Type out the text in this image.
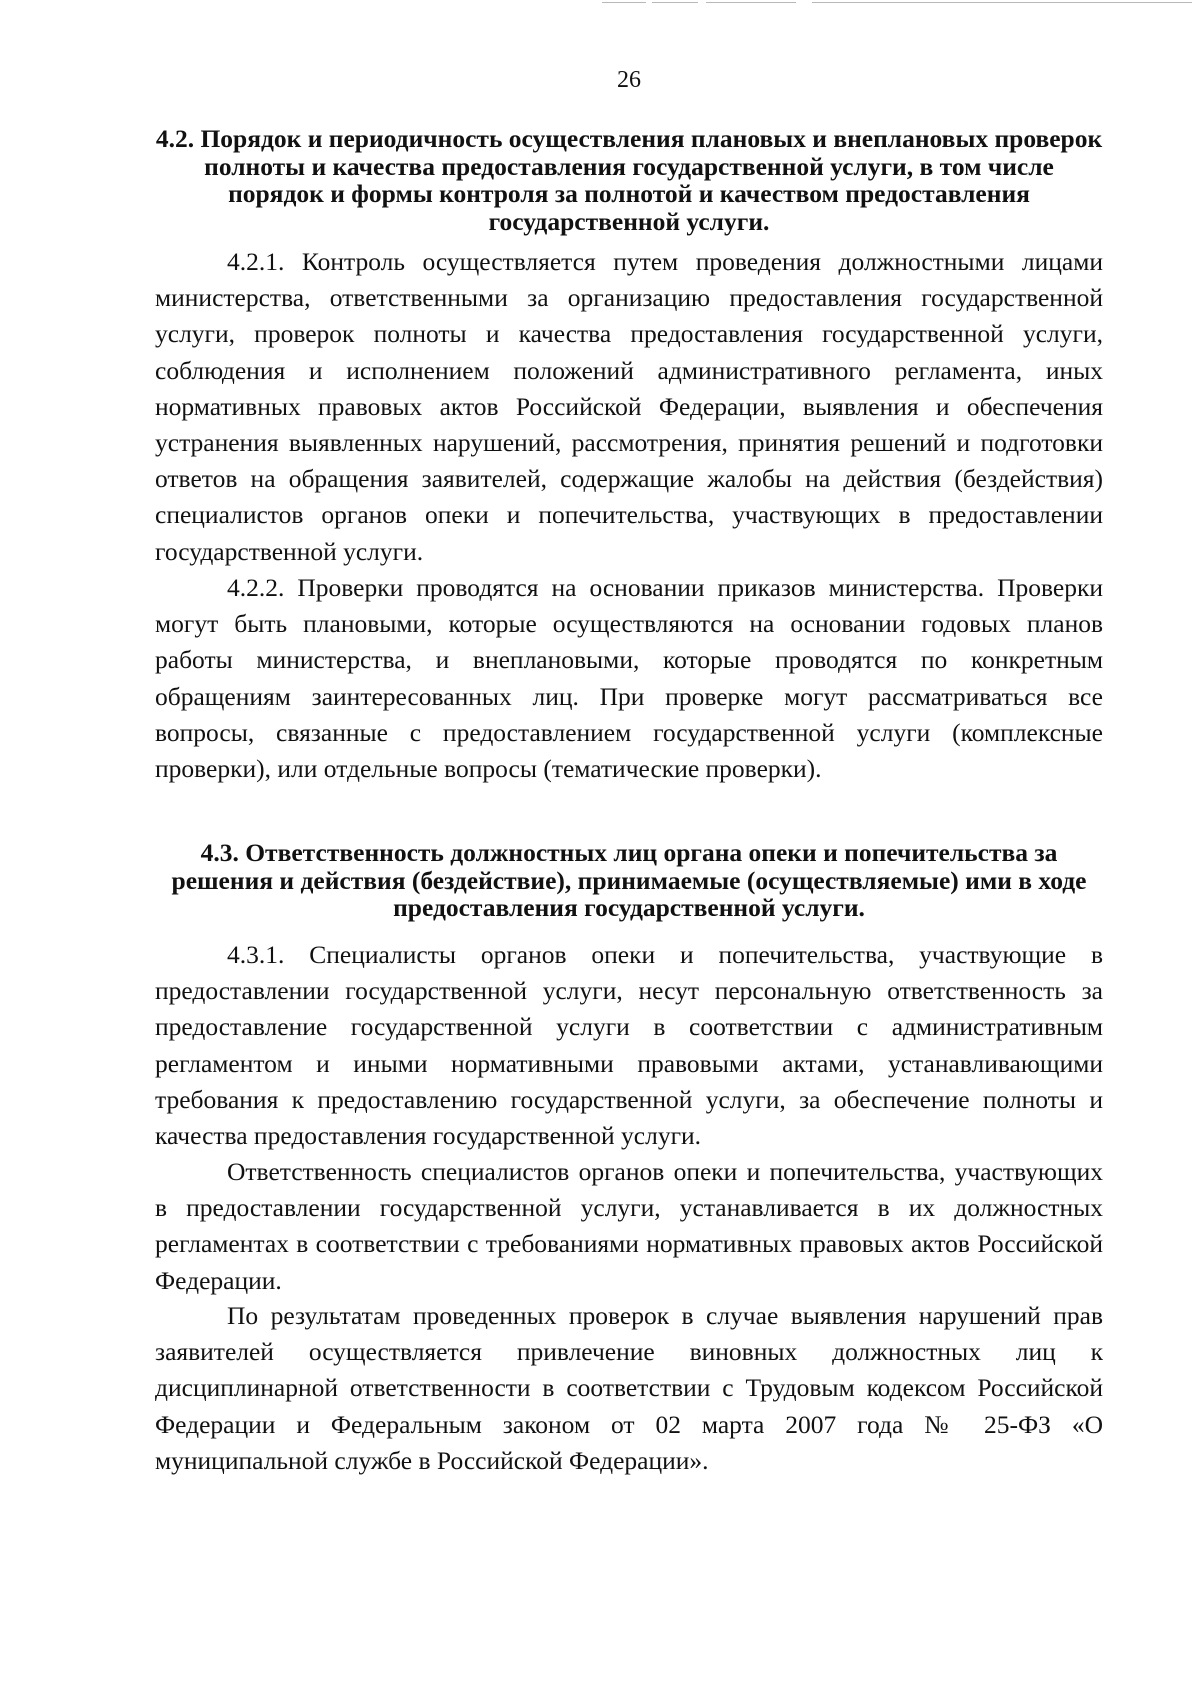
26
4.2. Порядок и периодичность осуществления плановых и внеплановых проверок полноты и качества предоставления государственной услуги, в том числе порядок и формы контроля за полнотой и качеством предоставления государственной услуги.

4.2.1. Контроль осуществляется путем проведения должностными лицами министерства, ответственными за организацию предоставления государственной услуги, проверок полноты и качества предоставления государственной услуги, соблюдения и исполнением положений административного регламента, иных нормативных правовых актов Российской Федерации, выявления и обеспечения устранения выявленных нарушений, рассмотрения, принятия решений и подготовки ответов на обращения заявителей, содержащие жалобы на действия (бездействия) специалистов органов опеки и попечительства, участвующих в предоставлении государственной услуги.

4.2.2. Проверки проводятся на основании приказов министерства. Проверки могут быть плановыми, которые осуществляются на основании годовых планов работы министерства, и внеплановыми, которые проводятся по конкретным обращениям заинтересованных лиц. При проверке могут рассматриваться все вопросы, связанные с предоставлением государственной услуги (комплексные проверки), или отдельные вопросы (тематические проверки).

4.3. Ответственность должностных лиц органа опеки и попечительства за решения и действия (бездействие), принимаемые (осуществляемые) ими в ходе предоставления государственной услуги.

4.3.1. Специалисты органов опеки и попечительства, участвующие в предоставлении государственной услуги, несут персональную ответственность за предоставление государственной услуги в соответствии с административным регламентом и иными нормативными правовыми актами, устанавливающими требования к предоставлению государственной услуги, за обеспечение полноты и качества предоставления государственной услуги.

Ответственность специалистов органов опеки и попечительства, участвующих в предоставлении государственной услуги, устанавливается в их должностных регламентах в соответствии с требованиями нормативных правовых актов Российской Федерации.

По результатам проведенных проверок в случае выявления нарушений прав заявителей осуществляется привлечение виновных должностных лиц к дисциплинарной ответственности в соответствии с Трудовым кодексом Российской Федерации и Федеральным законом от 02 марта 2007 года № 25-ФЗ «О муниципальной службе в Российской Федерации».
